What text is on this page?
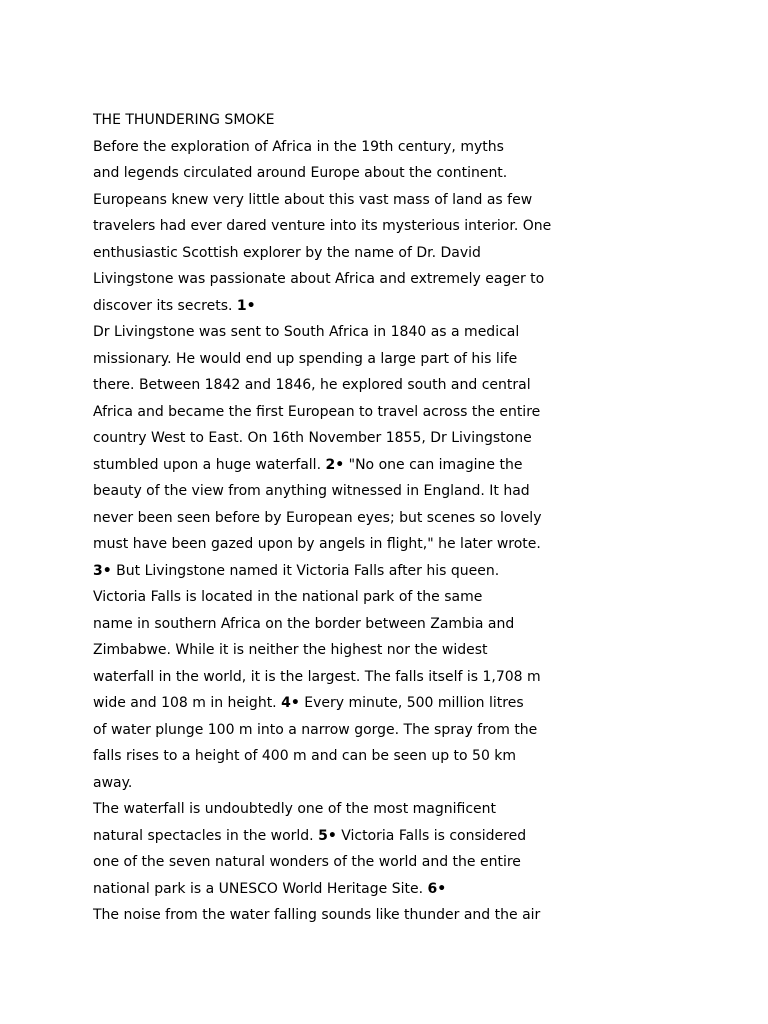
THE THUNDERING SMOKE
Before the exploration of Africa in the 19th century, myths
and legends circulated around Europe about the continent.
Europeans knew very little about this vast mass of land as few
travelers had ever dared venture into its mysterious interior. One
enthusiastic Scottish explorer by the name of Dr. David
Livingstone was passionate about Africa and extremely eager to
discover its secrets. 1•
Dr Livingstone was sent to South Africa in 1840 as a medical
missionary. He would end up spending a large part of his life
there. Between 1842 and 1846, he explored south and central
Africa and became the first European to travel across the entire
country West to East. On 16th November 1855, Dr Livingstone
stumbled upon a huge waterfall. 2• "No one can imagine the
beauty of the view from anything witnessed in England. It had
never been seen before by European eyes; but scenes so lovely
must have been gazed upon by angels in flight," he later wrote.
3• But Livingstone named it Victoria Falls after his queen.
Victoria Falls is located in the national park of the same
name in southern Africa on the border between Zambia and
Zimbabwe. While it is neither the highest nor the widest
waterfall in the world, it is the largest. The falls itself is 1,708 m
wide and 108 m in height. 4• Every minute, 500 million litres
of water plunge 100 m into a narrow gorge. The spray from the
falls rises to a height of 400 m and can be seen up to 50 km
away.
The waterfall is undoubtedly one of the most magnificent
natural spectacles in the world. 5• Victoria Falls is considered
one of the seven natural wonders of the world and the entire
national park is a UNESCO World Heritage Site. 6•
The noise from the water falling sounds like thunder and the air
